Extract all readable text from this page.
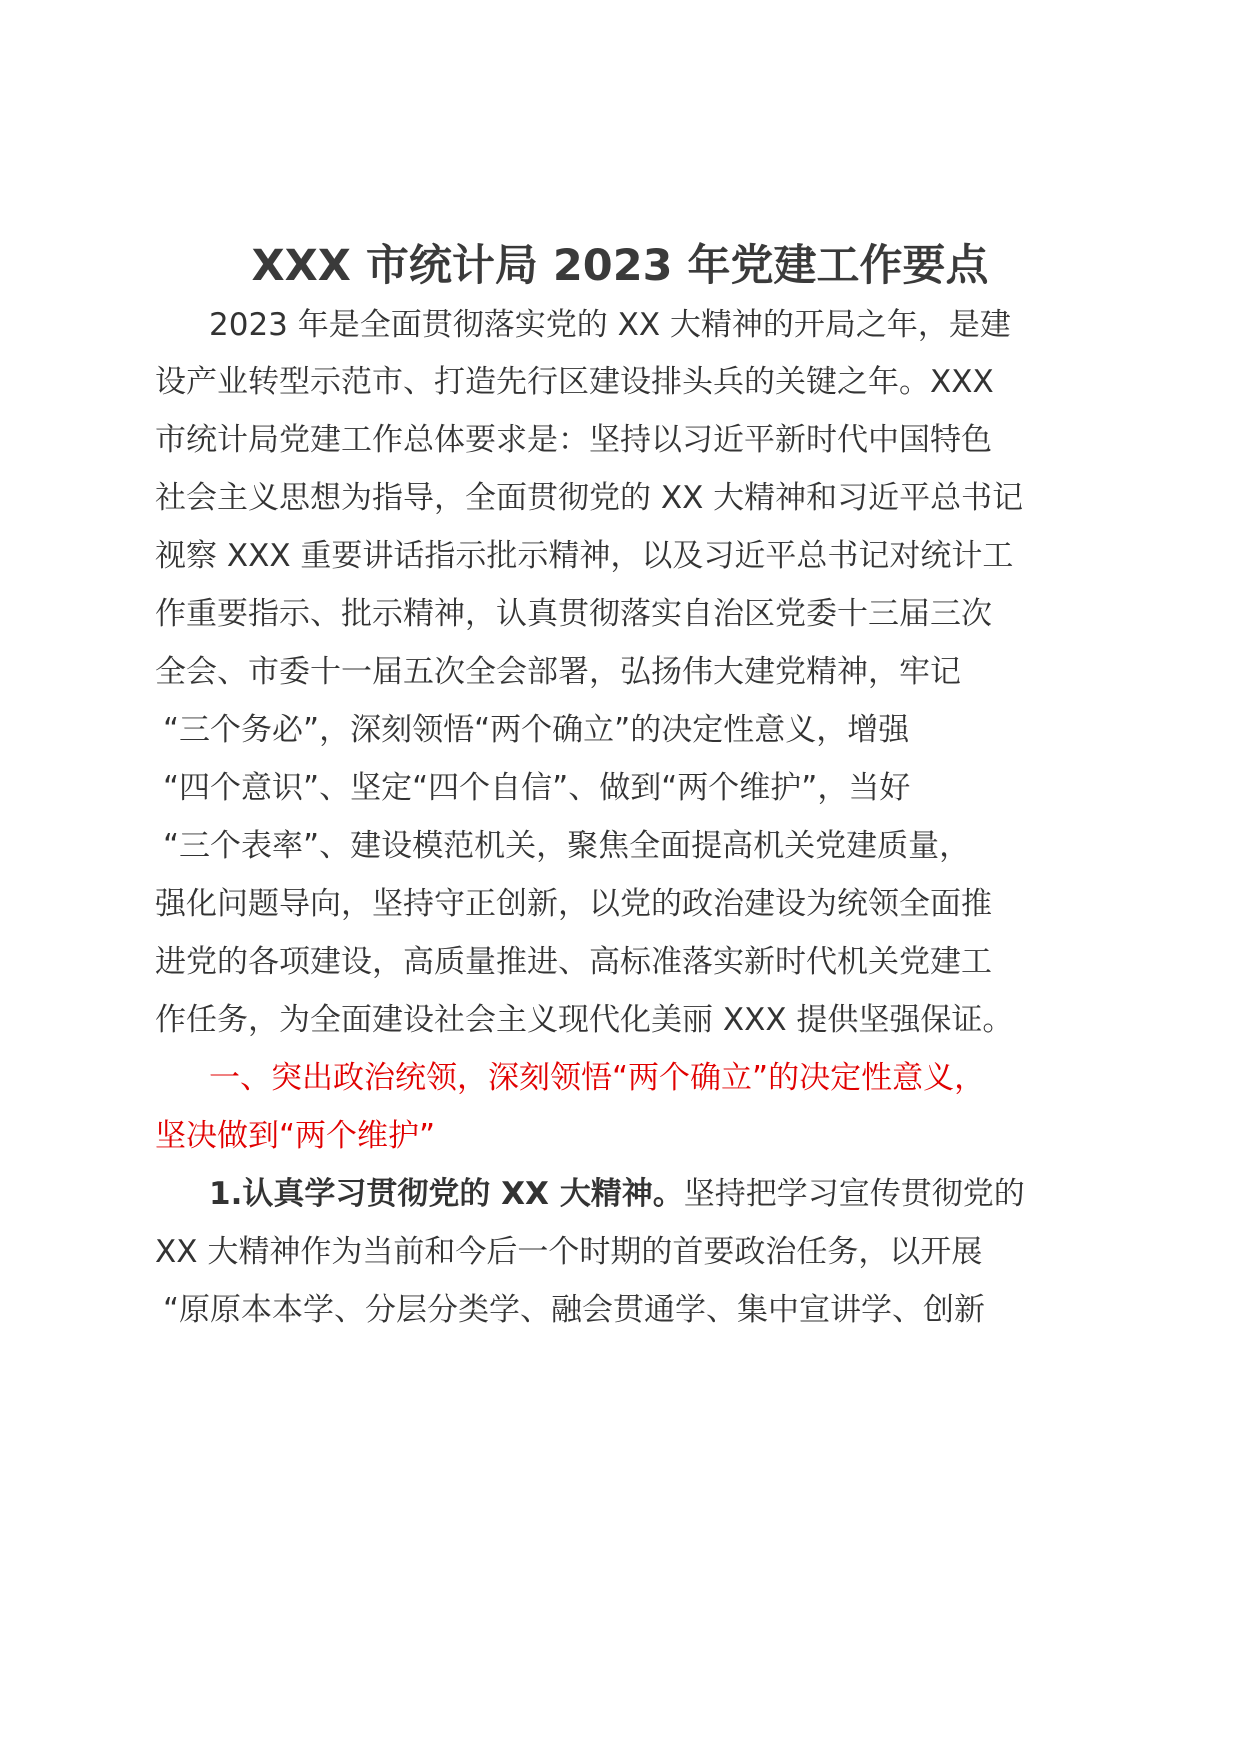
XXX 市统计局 2023 年党建工作要点
2023 年是全面贯彻落实党的 XX 大精神的开局之年，是建
设产业转型示范市、打造先行区建设排头兵的关键之年。XXX
市统计局党建工作总体要求是：坚持以习近平新时代中国特色
社会主义思想为指导，全面贯彻党的 XX 大精神和习近平总书记
视察 XXX 重要讲话指示批示精神，以及习近平总书记对统计工
作重要指示、批示精神，认真贯彻落实自治区党委十三届三次
全会、市委十一届五次全会部署，弘扬伟大建党精神，牢记
“三个务必”，深刻领悟“两个确立”的决定性意义，增强
“四个意识”、坚定“四个自信”、做到“两个维护”，当好
“三个表率”、建设模范机关，聚焦全面提高机关党建质量，
强化问题导向，坚持守正创新，以党的政治建设为统领全面推
进党的各项建设，高质量推进、高标准落实新时代机关党建工
作任务，为全面建设社会主义现代化美丽 XXX 提供坚强保证。
一、突出政治统领，深刻领悟“两个确立”的决定性意义，
坚决做到“两个维护”
1.认真学习贯彻党的 XX 大精神。坚持把学习宣传贯彻党的
XX 大精神作为当前和今后一个时期的首要政治任务，以开展
“原原本本学、分层分类学、融会贯通学、集中宣讲学、创新
